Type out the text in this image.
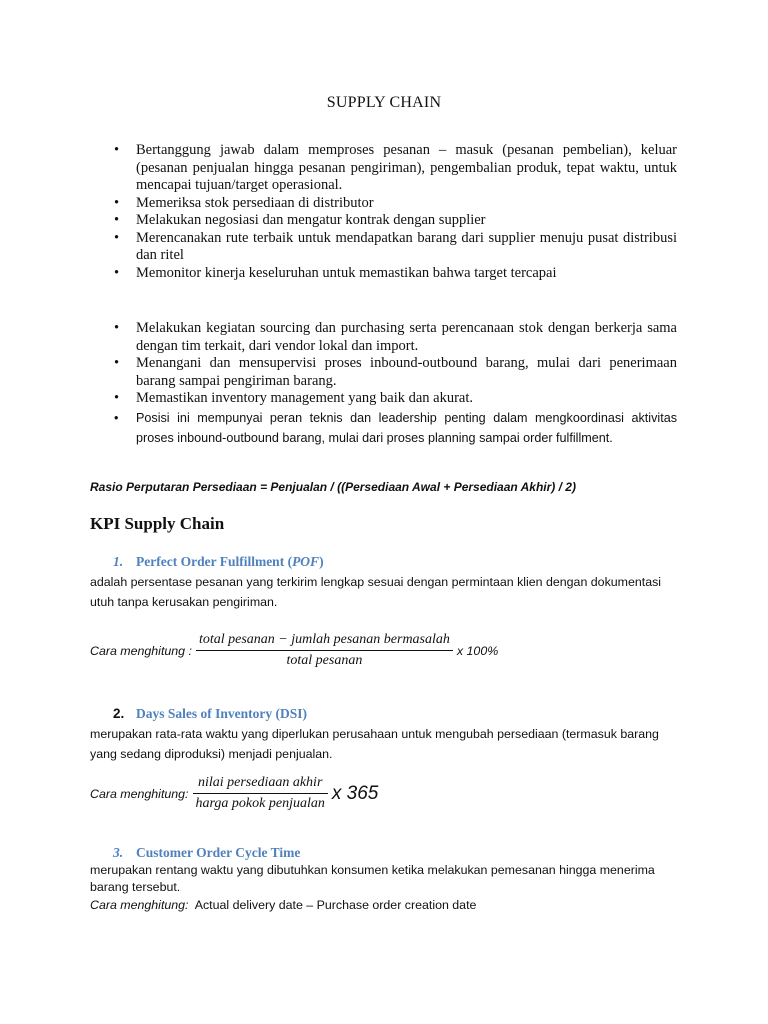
SUPPLY CHAIN
• Bertanggung jawab dalam memproses pesanan – masuk (pesanan pembelian), keluar (pesanan penjualan hingga pesanan pengiriman), pengembalian produk, tepat waktu, untuk mencapai tujuan/target operasional.
• Memeriksa stok persediaan di distributor
• Melakukan negosiasi dan mengatur kontrak dengan supplier
• Merencanakan rute terbaik untuk mendapatkan barang dari supplier menuju pusat distribusi dan ritel
• Memonitor kinerja keseluruhan untuk memastikan bahwa target tercapai
• Melakukan kegiatan sourcing dan purchasing serta perencanaan stok dengan berkerja sama dengan tim terkait, dari vendor lokal dan import.
• Menangani dan mensupervisi proses inbound-outbound barang, mulai dari penerimaan barang sampai pengiriman barang.
• Memastikan inventory management yang baik dan akurat.
• Posisi ini mempunyai peran teknis dan leadership penting dalam mengkoordinasi aktivitas proses inbound-outbound barang, mulai dari proses planning sampai order fulfillment.
Rasio Perputaran Persediaan = Penjualan / ((Persediaan Awal + Persediaan Akhir) / 2)
KPI Supply Chain
1. Perfect Order Fulfillment (POF)
adalah persentase pesanan yang terkirim lengkap sesuai dengan permintaan klien dengan dokumentasi utuh tanpa kerusakan pengiriman.
Cara menghitung : $\frac{\text{total pesanan − jumlah pesanan bermasalah}}{\text{total pesanan}}$ x 100%
2. Days Sales of Inventory (DSI)
merupakan rata-rata waktu yang diperlukan perusahaan untuk mengubah persediaan (termasuk barang yang sedang diproduksi) menjadi penjualan.
Cara menghitung: $\frac{\text{nilai persediaan akhir}}{\text{harga pokok penjualan}}$ x 365
3. Customer Order Cycle Time
merupakan rentang waktu yang dibutuhkan konsumen ketika melakukan pemesanan hingga menerima barang tersebut.
Cara menghitung: Actual delivery date – Purchase order creation date
